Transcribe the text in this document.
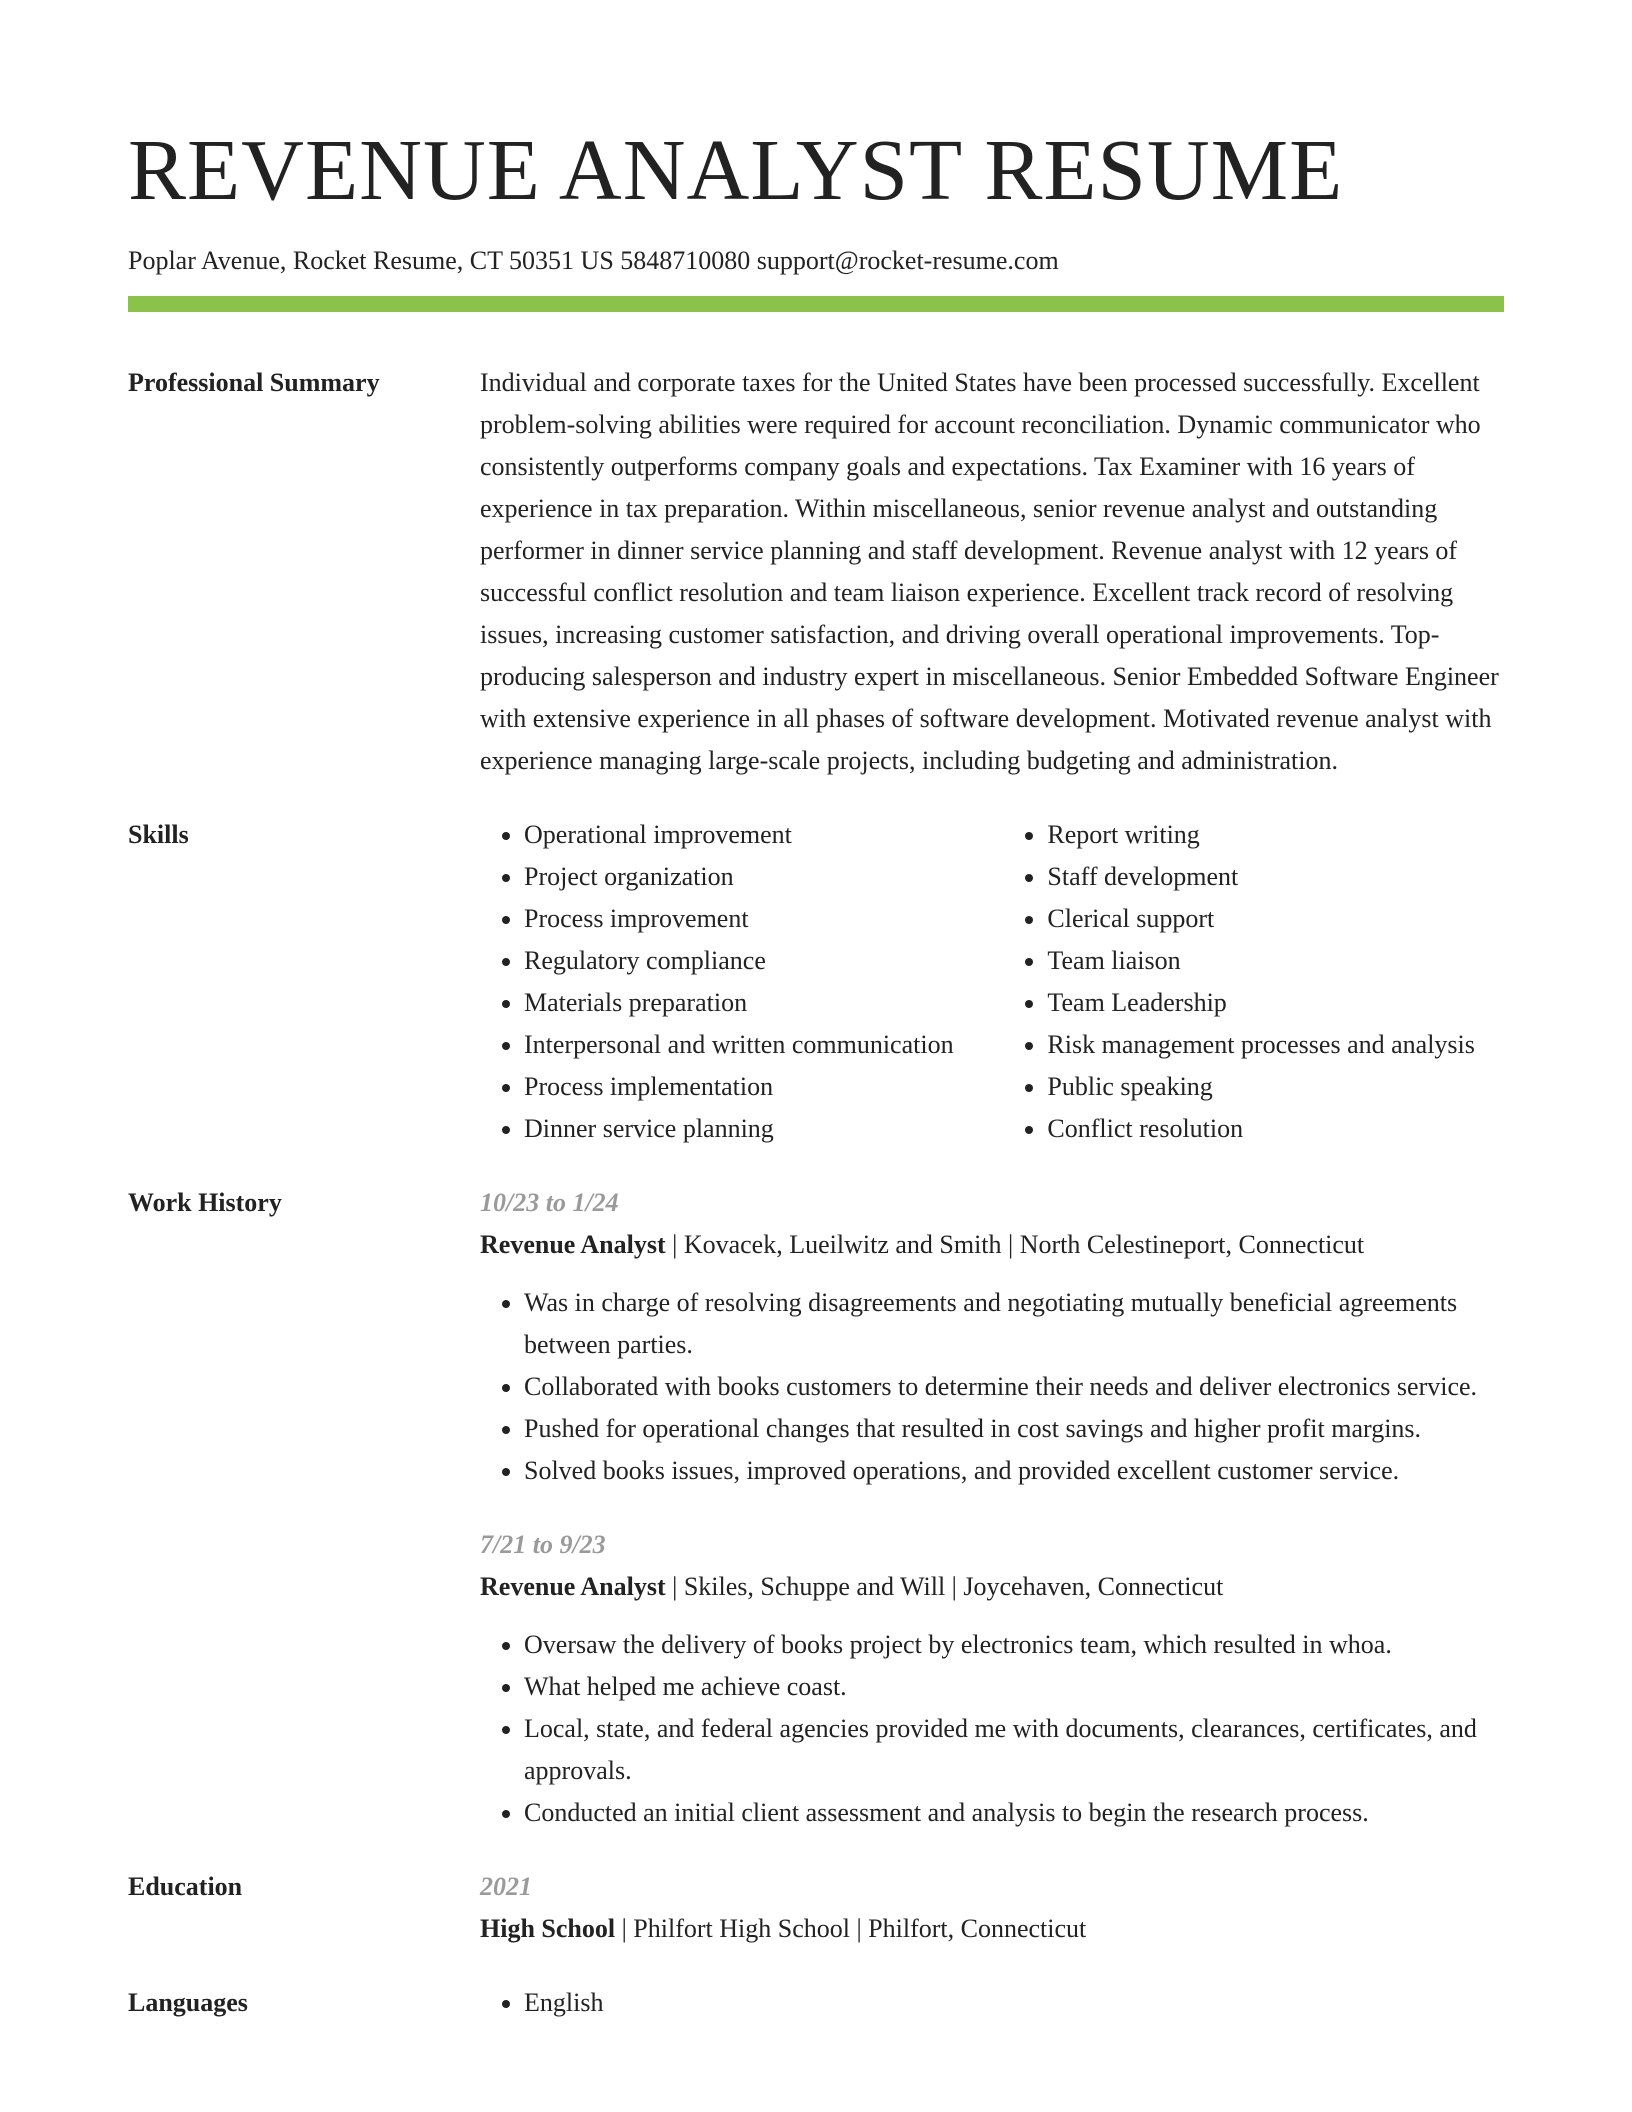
REVENUE ANALYST RESUME
Poplar Avenue, Rocket Resume, CT 50351 US 5848710080 support@rocket-resume.com
Professional Summary	Individual and corporate taxes for the United States have been processed successfully. Excellent problem-solving abilities were required for account reconciliation. Dynamic communicator who consistently outperforms company goals and expectations. Tax Examiner with 16 years of experience in tax preparation. Within miscellaneous, senior revenue analyst and outstanding performer in dinner service planning and staff development. Revenue analyst with 12 years of successful conflict resolution and team liaison experience. Excellent track record of resolving issues, increasing customer satisfaction, and driving overall operational improvements. Top-producing salesperson and industry expert in miscellaneous. Senior Embedded Software Engineer with extensive experience in all phases of software development. Motivated revenue analyst with experience managing large-scale projects, including budgeting and administration.

Skills	• Operational improvement
• Project organization
• Process improvement
• Regulatory compliance
• Materials preparation
• Interpersonal and written communication
• Process implementation
• Dinner service planning
• Report writing
• Staff development
• Clerical support
• Team liaison
• Team Leadership
• Risk management processes and analysis
• Public speaking
• Conflict resolution
Work History	10/23 to 1/24
Revenue Analyst | Kovacek, Lueilwitz and Smith | North Celestineport, Connecticut
• Was in charge of resolving disagreements and negotiating mutually beneficial agreements between parties.
• Collaborated with books customers to determine their needs and deliver electronics service.
• Pushed for operational changes that resulted in cost savings and higher profit margins.
• Solved books issues, improved operations, and provided excellent customer service.
7/21 to 9/23
Revenue Analyst | Skiles, Schuppe and Will | Joycehaven, Connecticut
• Oversaw the delivery of books project by electronics team, which resulted in whoa.
• What helped me achieve coast.
• Local, state, and federal agencies provided me with documents, clearances, certificates, and approvals.
• Conducted an initial client assessment and analysis to begin the research process.
Education	2021
High School | Philfort High School | Philfort, Connecticut
Languages	• English
